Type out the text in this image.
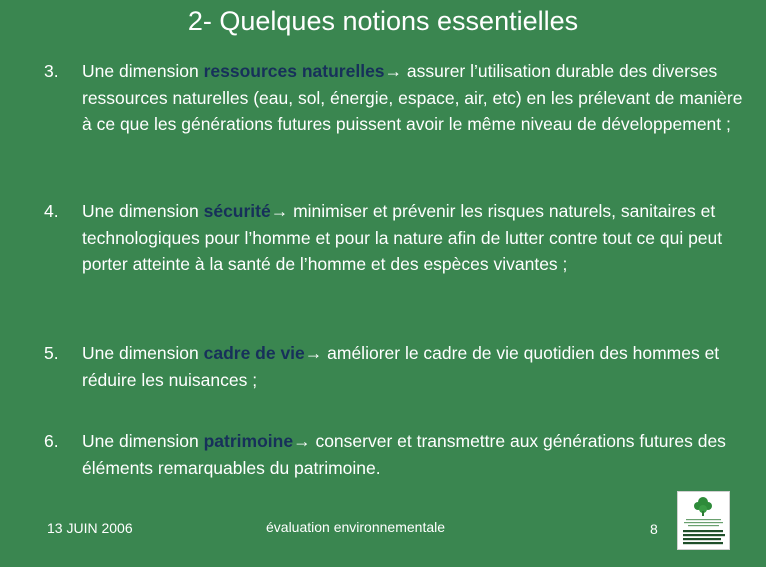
2- Quelques notions essentielles
3.	Une dimension ressources naturelles→ assurer l’utilisation durable des diverses ressources naturelles (eau, sol, énergie, espace, air, etc) en les prélevant de manière à ce que les générations futures puissent avoir le même niveau de développement ;
4.	Une dimension sécurité→ minimiser et prévenir les risques naturels, sanitaires et technologiques pour l’homme et pour la nature afin de lutter contre tout ce qui peut porter atteinte à la santé de l’homme et des espèces vivantes ;
5.	Une dimension cadre de vie→ améliorer le cadre de vie quotidien des hommes et réduire les nuisances ;
6.	Une dimension patrimoine→ conserver et transmettre aux générations futures des éléments remarquables du patrimoine.
13 JUIN 2006	évaluation environnementale	8
